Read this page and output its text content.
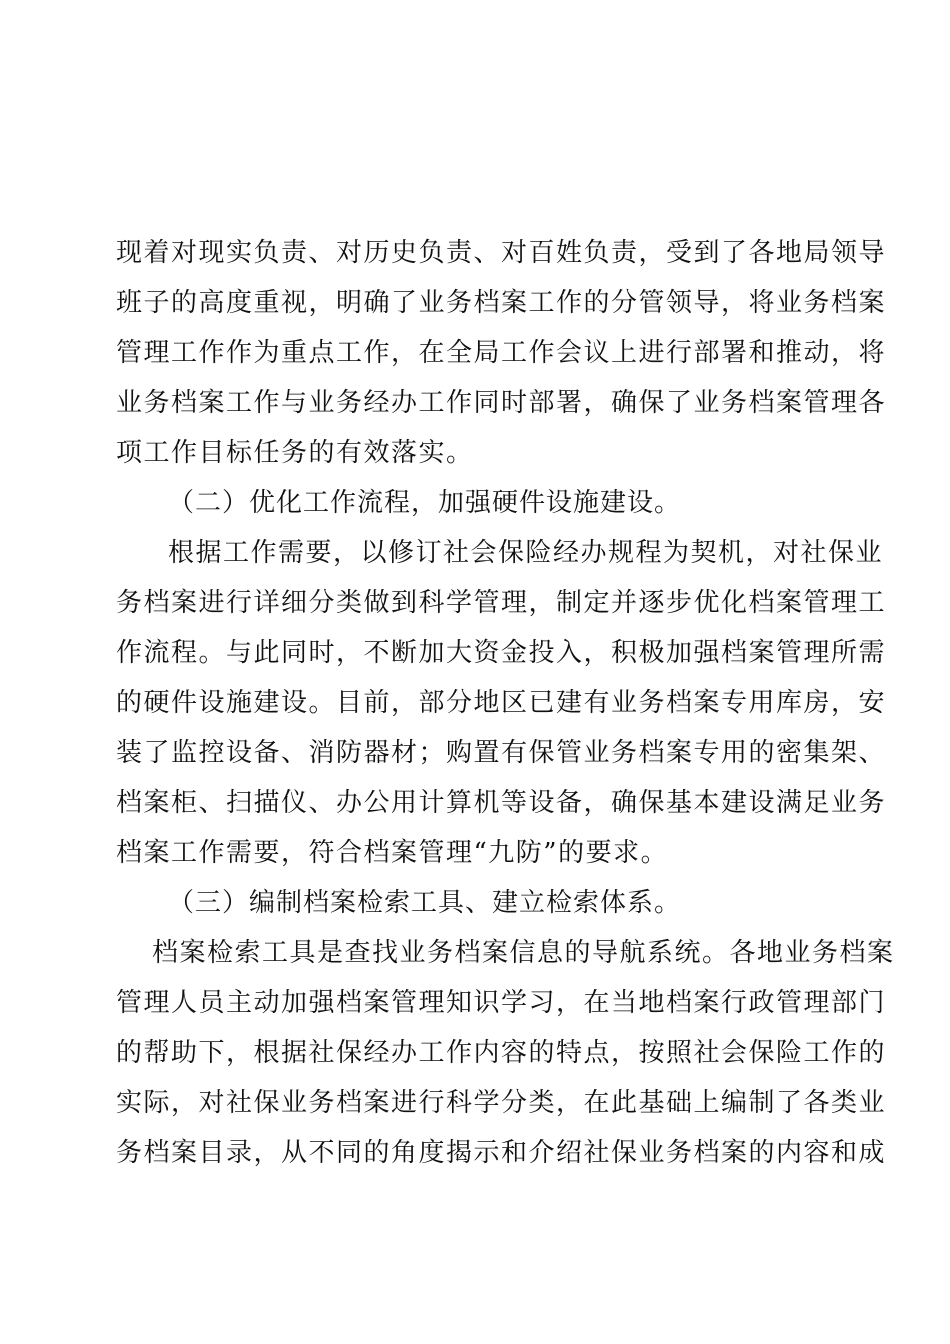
现着对现实负责、对历史负责、对百姓负责，受到了各地局领导
班子的高度重视，明确了业务档案工作的分管领导，将业务档案
管理工作作为重点工作，在全局工作会议上进行部署和推动，将
业务档案工作与业务经办工作同时部署，确保了业务档案管理各
项工作目标任务的有效落实。
（二）优化工作流程，加强硬件设施建设。
根据工作需要，以修订社会保险经办规程为契机，对社保业
务档案进行详细分类做到科学管理，制定并逐步优化档案管理工
作流程。与此同时，不断加大资金投入，积极加强档案管理所需
的硬件设施建设。目前，部分地区已建有业务档案专用库房，安
装了监控设备、消防器材；购置有保管业务档案专用的密集架、
档案柜、扫描仪、办公用计算机等设备，确保基本建设满足业务
档案工作需要，符合档案管理“九防”的要求。
（三）编制档案检索工具、建立检索体系。
档案检索工具是查找业务档案信息的导航系统。各地业务档案
管理人员主动加强档案管理知识学习，在当地档案行政管理部门
的帮助下，根据社保经办工作内容的特点，按照社会保险工作的
实际，对社保业务档案进行科学分类，在此基础上编制了各类业
务档案目录，从不同的角度揭示和介绍社保业务档案的内容和成
